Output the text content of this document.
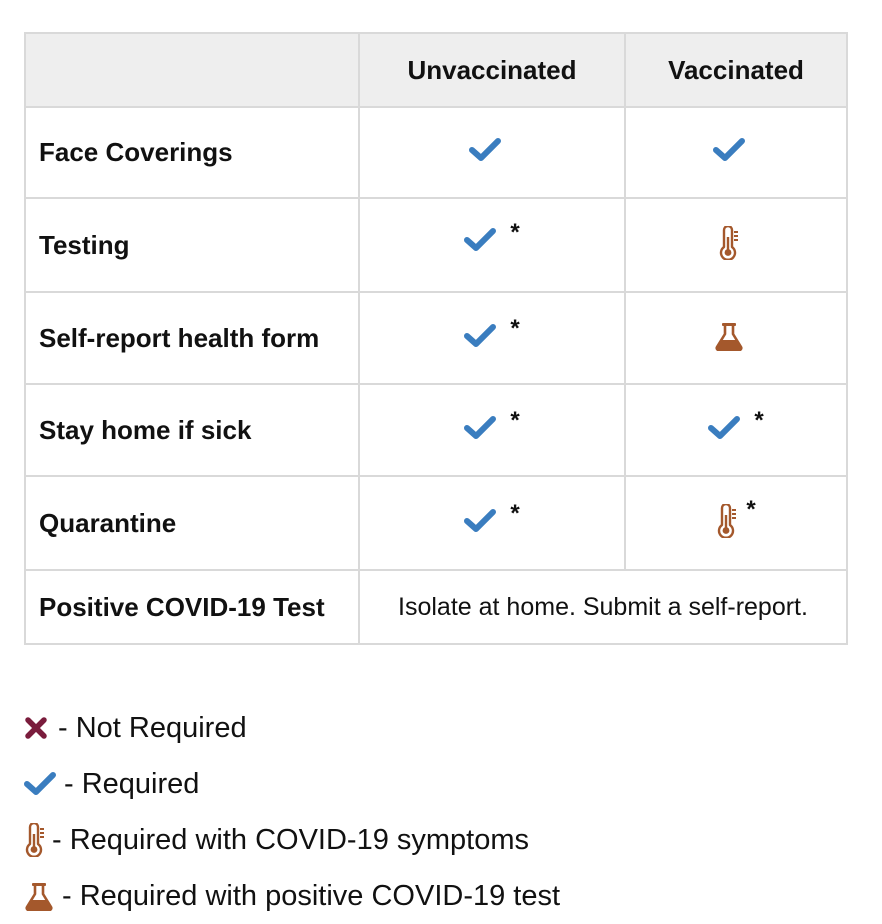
	Unvaccinated	Vaccinated
Face Coverings	

Testing	*

Self-report health form	*

Stay home if sick	*	*

Quarantine	*	*

Positive COVID-19 Test	Isolate at home. Submit a self-report.	
- Not Required
- Required
- Required with COVID-19 symptoms
- Required with positive COVID-19 test
